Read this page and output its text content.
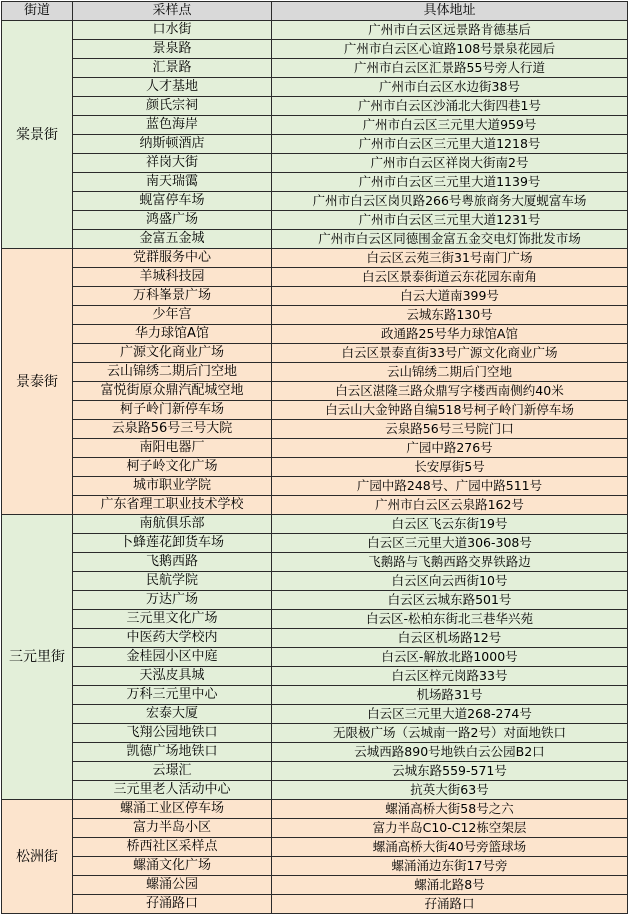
街道	采样点	具体地址
棠景街	口水街	广州市白云区远景路肯德基后
	景泉路	广州市白云区心谊路108号景泉花园后
	汇景路	广州市白云区汇景路55号旁人行道
	人才基地	广州市白云区水边街38号
	颜氏宗祠	广州市白云区沙涌北大街四巷1号
	蓝色海岸	广州市白云区三元里大道959号
	纳斯顿酒店	广州市白云区三元里大道1218号
	祥岗大街	广州市白云区祥岗大街南2号
	南天瑞霭	广州市白云区三元里大道1139号
	蚬富停车场	广州市白云区岗贝路266号粤旅商务大厦蚬富车场
	鸿盛广场	广州市白云区三元里大道1231号
	金富五金城	广州市白云区同德围金富五金交电灯饰批发市场
景泰街	党群服务中心	白云区云苑三街31号南门广场
	羊城科技园	白云区景泰街道云东花园东南角
	万科峯景广场	白云大道南399号
	少年宫	云城东路130号
	华力球馆A馆	政通路25号华力球馆A馆
	广源文化商业广场	白云区景泰直街33号广源文化商业广场
	云山锦绣二期后门空地	云山锦绣二期后门空地
	富悦街原众鼎汽配城空地	白云区湛隆三路众鼎写字楼西南侧约40米
	柯子岭门新停车场	白云山大金钟路自编518号柯子岭门新停车场
	云泉路56号三号大院	云泉路56号三号院门口
	南阳电器厂	广园中路276号
	柯子岭文化广场	长安厚街5号
	城市职业学院	广园中路248号、广园中路511号
	广东省理工职业技术学校	广州市白云区云泉路162号
三元里街	南航俱乐部	白云区飞云东街19号
	卜蜂莲花卸货车场	白云区三元里大道306-308号
	飞鹅西路	飞鹅路与飞鹅西路交界铁路边
	民航学院	白云区向云西街10号
	万达广场	白云区云城东路501号
	三元里文化广场	白云区-松柏东街北三巷华兴苑
	中医药大学校内	白云区机场路12号
	金桂园小区中庭	白云区-解放北路1000号
	天泓皮具城	白云区梓元岗路33号
	万科三元里中心	机场路31号
	宏泰大厦	白云区三元里大道268-274号
	飞翔公园地铁口	无限极广场（云城南一路2号）对面地铁口
	凯德广场地铁口	云城西路890号地铁白云公园B2口
	云璟汇	云城东路559-571号
	三元里老人活动中心	抗英大街63号
松洲街	螺涌工业区停车场	螺涌高桥大街58号之六
	富力半岛小区	富力半岛C10-C12栋空架层
	桥西社区采样点	螺涌高桥大街40号旁篮球场
	螺涌文化广场	螺涌涌边东街17号旁
	螺涌公园	螺涌北路8号
	孖涌路口	孖涌路口
